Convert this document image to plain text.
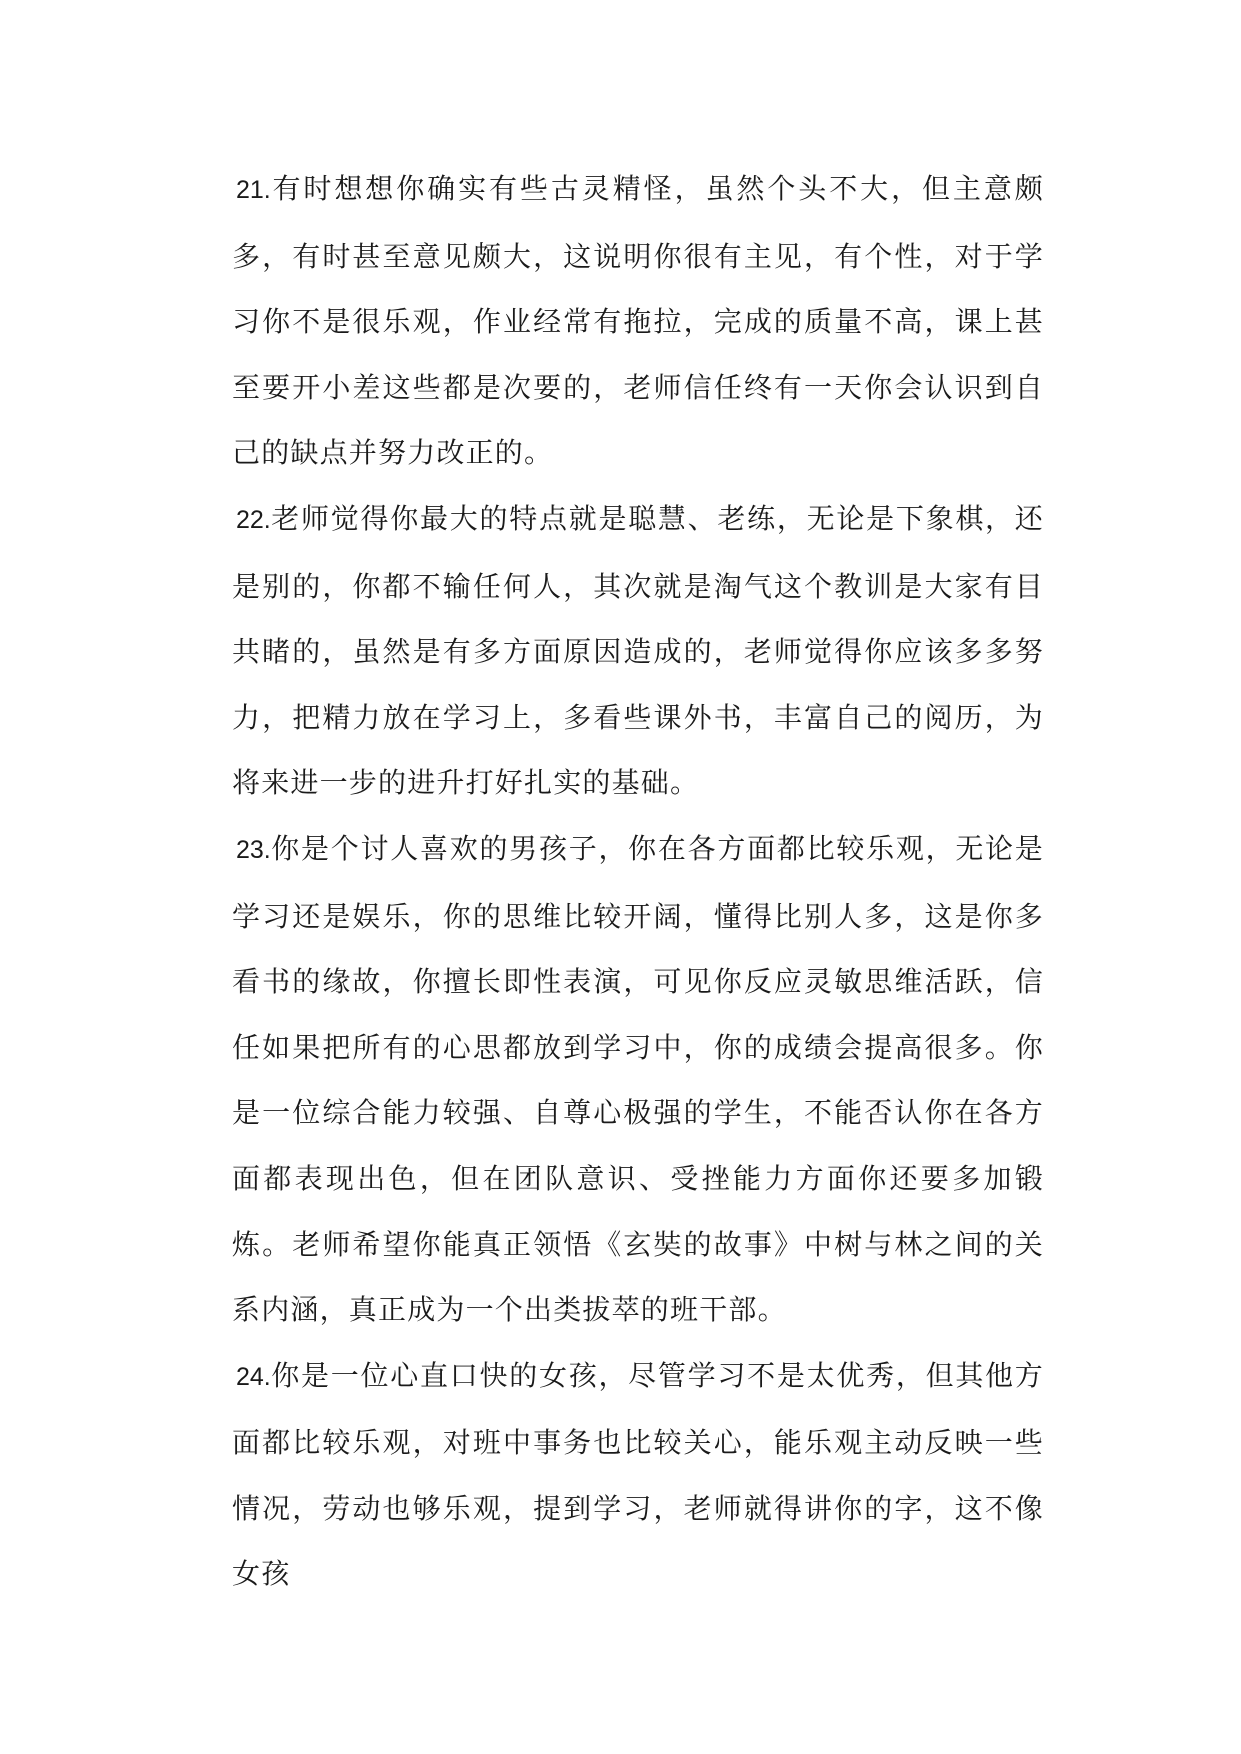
21.有时想想你确实有些古灵精怪，虽然个头不大，但主意颇多，有时甚至意见颇大，这说明你很有主见，有个性，对于学习你不是很乐观，作业经常有拖拉，完成的质量不高，课上甚至要开小差这些都是次要的，老师信任终有一天你会认识到自己的缺点并努力改正的。

22.老师觉得你最大的特点就是聪慧、老练，无论是下象棋，还是别的，你都不输任何人，其次就是淘气这个教训是大家有目共睹的，虽然是有多方面原因造成的，老师觉得你应该多多努力，把精力放在学习上，多看些课外书，丰富自己的阅历，为将来进一步的进升打好扎实的基础。

23.你是个讨人喜欢的男孩子，你在各方面都比较乐观，无论是学习还是娱乐，你的思维比较开阔，懂得比别人多，这是你多看书的缘故，你擅长即性表演，可见你反应灵敏思维活跃，信任如果把所有的心思都放到学习中，你的成绩会提高很多。你是一位综合能力较强、自尊心极强的学生，不能否认你在各方面都表现出色，但在团队意识、受挫能力方面你还要多加锻炼。老师希望你能真正领悟《玄奘的故事》中树与林之间的关系内涵，真正成为一个出类拔萃的班干部。

24.你是一位心直口快的女孩，尽管学习不是太优秀，但其他方面都比较乐观，对班中事务也比较关心，能乐观主动反映一些情况，劳动也够乐观，提到学习，老师就得讲你的字，这不像女孩
